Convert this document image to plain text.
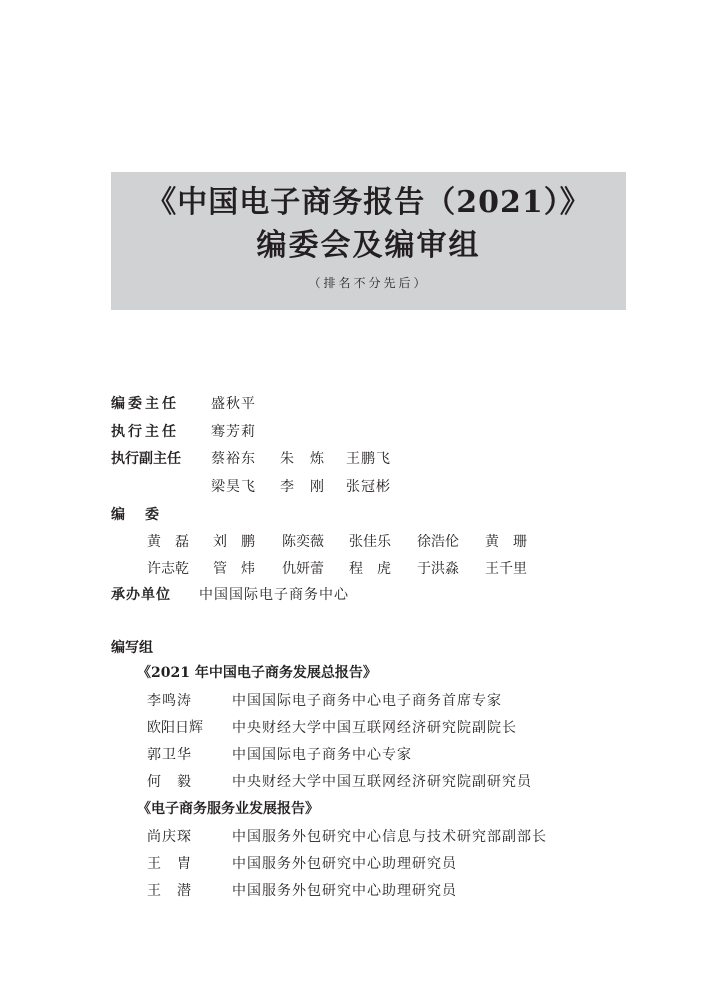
《中国电子商务报告（2021）》
编委会及编审组
（排名不分先后）
编委主任 盛秋平
执行主任 骞芳莉
执行副主任 蔡裕东 朱　炼 王鹏飞
梁昊飞 李　刚 张冠彬
编　委
黄　磊 刘　鹏 陈奕薇 张佳乐 徐浩伦 黄　珊
许志乾 管　炜 仇妍蕾 程　虎 于洪淼 王千里
承办单位 中国国际电子商务中心
编写组
《2021 年中国电子商务发展总报告》
李鸣涛	中国国际电子商务中心电子商务首席专家
欧阳日辉 中央财经大学中国互联网经济研究院副院长
郭卫华	中国国际电子商务中心专家
何　毅	中央财经大学中国互联网经济研究院副研究员
《电子商务服务业发展报告》
尚庆琛	中国服务外包研究中心信息与技术研究部副部长
王　胄	中国服务外包研究中心助理研究员
王　潜	中国服务外包研究中心助理研究员
